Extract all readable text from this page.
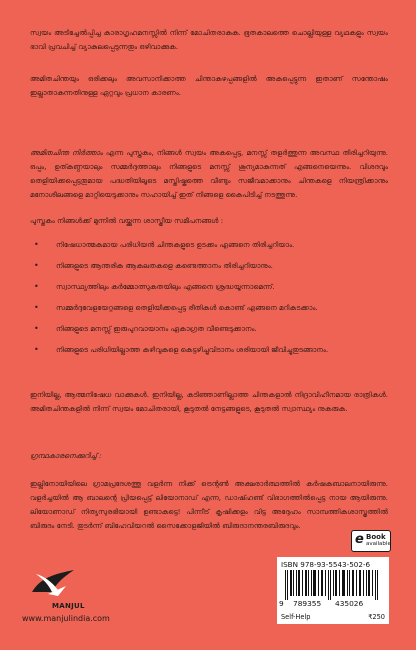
സ്വയം അടിച്ചേൽപ്പിച്ച കാരാഗൃഹമനസ്സിൽ നിന്ന് മോചിതരാകുക. ഭൂതകാലത്തെ ചൊല്ലിയുള്ള വ്യഥകളും സ്വയം ഭാവി പ്രവചിച്ച് വ്യാകുലപ്പെടുന്നതും ഒഴിവാക്കുക.

അമിതചിന്തയും ഒരിക്കലും അവസാനിക്കാത്ത ചിന്താകുഴപ്പങ്ങളിൽ അകപ്പെട്ടുന്ന ഇതാണ് സന്തോഷം ഇല്ലാതാകുന്നതിനുള്ള ഏറ്റവും പ്രധാന കാരണം.

അമിതചിന്ത നിർത്താം എന്ന പുസ്തകം, നിങ്ങൾ സ്വയം അകപ്പെട്ട, മനസ്സ് തളർത്തുന്ന അവസ്ഥ തിരിച്ചറിയുന്നു. ഒപ്പം, ഉത്കണ്ഠയാലും സമ്മർദ്ദത്താലും നിങ്ങളുടെ മനസ്സ് ശൂന്യമാകുന്നത് എങ്ങനെയെന്നും. വിശദവും തെളിയിക്കപ്പെട്ടതുമായ പദ്ധതിയിലൂടെ മസ്തിഷ്കത്തെ വീണ്ടും സജീവമാക്കാനും ചിന്തകളെ നിയന്ത്രിക്കാനും മനോശീലങ്ങളെ മാറ്റിയെടുക്കാനും സഹായിച്ച് ഇത് നിങ്ങളെ കൈപിടിച്ച് നടത്തുന്നു.

പുസ്തകം നിങ്ങൾക്ക് മുന്നിൽ വയ്ക്കുന്ന ശാസ്ത്രീയ സമീപനങ്ങൾ :

• നിഷേധാത്മകമായ പരിധിയൻ ചിന്തകളുടെ ഉടക്കം എങ്ങനെ തിരിച്ചറിയാം.
• നിങ്ങളുടെ ആന്തരിക ആകലതകളെ കണ്ടെത്താനം തിരിച്ചറിയാനും.
• സ്വാസ്ഥ്യത്തിലും കർമ്മോത്സുകതയിലും എങ്ങനെ ശ്രദ്ധയൂന്നാമെന്ന്.
• സമ്മർദ്ദവേളയേറ്റങ്ങളെ തെളിയിക്കപ്പെട്ട രീതികൾ കൊണ്ട് എങ്ങനെ മറികടക്കാം.
• നിങ്ങളുടെ മനസ്സ് ഇരുപുറവായാനം ഏകാഗ്രത വീണ്ടെടുക്കാനം.
• നിങ്ങളുടെ പരിധിയില്ലാത്ത കഴിവുകളെ കെട്ടഴിച്ചുവിടാനം ശരിയായി ജീവിച്ചുതുടങ്ങാനം.

ഇനിയില്ല, ആത്മനിഷേധ വാക്കുകൾ. ഇനിയില്ല, കടിഞ്ഞാണില്ലാത്ത ചിന്തകളാൽ നിദ്രാവിഹീനമായ രാത്രികൾ. അമിതചിന്തകളിൽ നിന്ന് സ്വയം മോചിതരായി, കൂടുതൽ നേട്ടങ്ങളുടെ, കൂടുതൽ സ്വാസ്ഥ്യം നുകരുക.

ഗ്രന്ഥകാരനെക്കുറിച്ച് :

ഇല്ലിനോയിയിലെ ഗ്രാമപ്രദേശത്തു വളർന്ന നിക്ക് ട്രെന്റൺ അക്ഷരാർത്ഥത്തിൽ കർഷകബാലനായിരുന്നു. വളർച്ചയിൽ ആ ബാലന്റെ പ്രിയപ്പെട്ട് ലിയോനാഡ് എന്ന, ഡാഷ്ഹണ്ട് വിഭാഗത്തിൽപ്പെട്ട നായ ആയിരുന്നു. ലിയോണാഡ് നിത്യസുരഭിയായി ഉണ്ടാകട്ടെ! പിന്നീട് കൃഷിക്കളം വിട്ട അദ്ദേഹം സാമ്പത്തികശാസ്ത്രത്തിൽ ബിരുദം നേടി. തുടർന്ന് ബിഹേവിയറൽ സൈക്കോളജിയിൽ ബിരുദാനന്തരബിരുദവും.

MANJUL
www.manjulindia.com
e Book
available
ISBN 978-93-5543-502-6
9 789355 435026
Self-Help	₹250
